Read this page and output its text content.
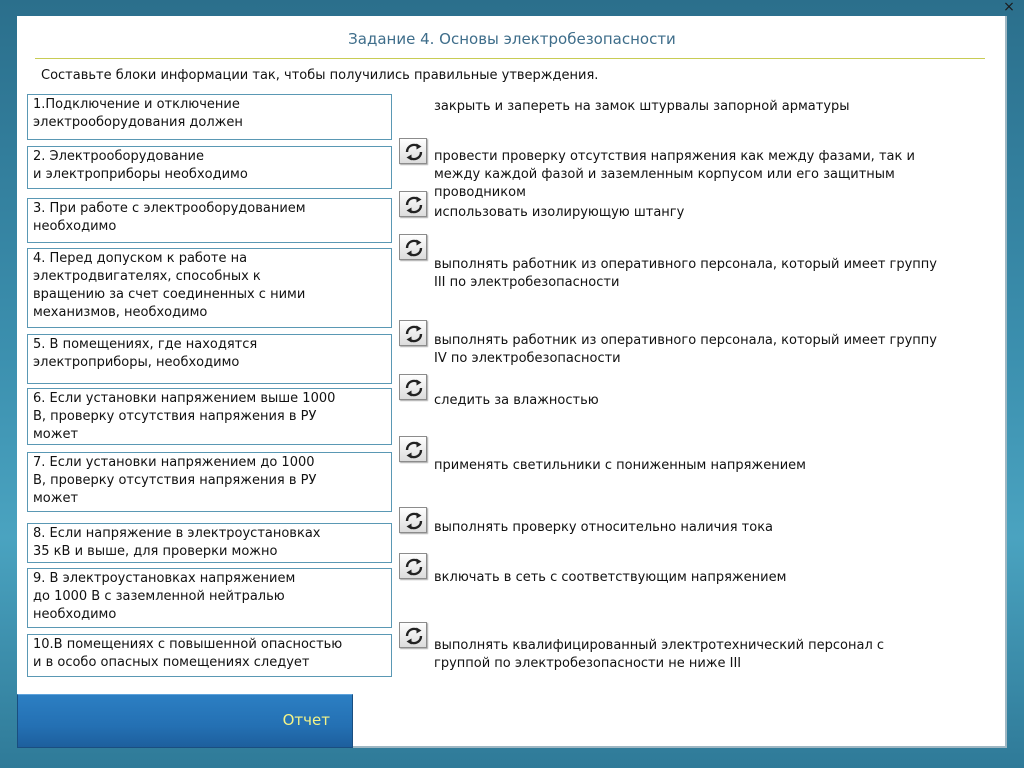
×
Задание 4. Основы электробезопасности
Составьте блоки информации так, чтобы получились правильные утверждения.
1.Подключение и отключение
электрооборудования должен
2. Электрооборудование
и электроприборы необходимо
3. При работе с электрооборудованием
необходимо
4. Перед допуском к работе на
электродвигателях, способных к
вращению за счет соединенных с ними
механизмов, необходимо
5. В помещениях, где находятся
электроприборы, необходимо
6. Если установки напряжением выше 1000
В, проверку отсутствия напряжения в РУ
может
7. Если установки напряжением до 1000
В, проверку отсутствия напряжения в РУ
может
8. Если напряжение в электроустановках
35 кВ и выше, для проверки можно
9. В электроустановках напряжением
до 1000 В с заземленной нейтралью
необходимо
10.В помещениях с повышенной опасностью
и в особо опасных помещениях следует
закрыть и запереть на замок штурвалы запорной арматуры
провести проверку отсутствия напряжения как между фазами, так и
между каждой фазой и заземленным корпусом или его защитным
проводником
использовать изолирующую штангу
выполнять работник из оперативного персонала, который имеет группу
III по электробезопасности
выполнять работник из оперативного персонала, который имеет группу
IV по электробезопасности
следить за влажностью
применять светильники с пониженным напряжением
выполнять проверку относительно наличия тока
включать в сеть с соответствующим напряжением
выполнять квалифицированный электротехнический персонал с
группой по электробезопасности не ниже III
Отчет
